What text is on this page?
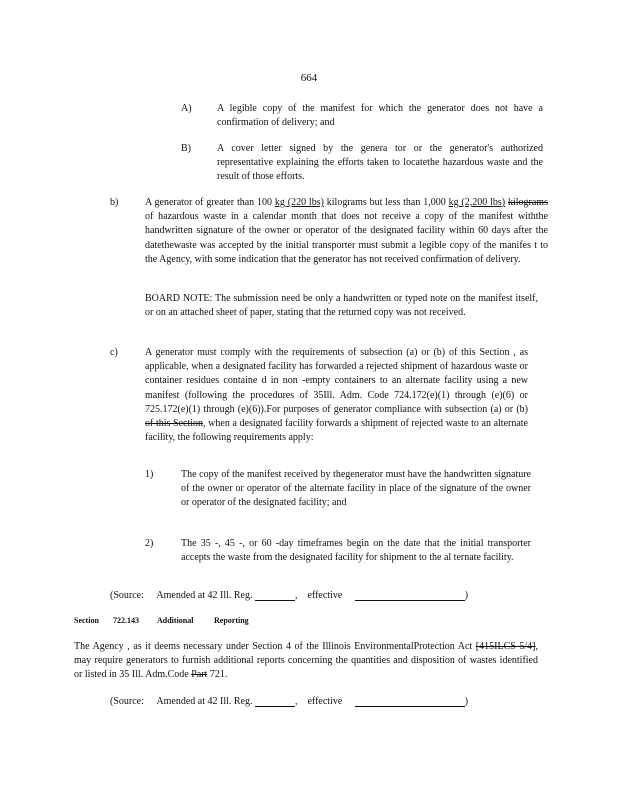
664
A)	A legible copy of the manifest for which the generator does not have a confirmation of delivery; and
B)	A cover letter signed by the genera tor or the generator's authorized representative explaining the efforts taken to locatethe hazardous waste and the result of those efforts.
b)	A generator of greater than 100 kg (220 lbs) kilograms but less than 1,000 kg (2,200 lbs) kilograms of hazardous waste in a calendar month that does not receive a copy of the manifest withthe handwritten signature of the owner or operator of the designated facility within 60 days after the datethewaste was accepted by the initial transporter must submit a legible copy of the manifes t to the Agency, with some indication that the generator has not received confirmation of delivery.
BOARD NOTE: The submission need be only a handwritten or typed note on the manifest itself, or on an attached sheet of paper, stating that the returned copy was not received.
c)	A generator must comply with the requirements of subsection (a) or (b) of this Section , as applicable, when a designated facility has forwarded a rejected shipment of hazardous waste or container residues containe d in non -empty containers to an alternate facility using a new manifest (following the procedures of 35Ill. Adm. Code 724.172(e)(1) through (e)(6) or 725.172(e)(1) through (e)(6)).For purposes of generator compliance with subsection (a) or (b) of this Section, when a designated facility forwards a shipment of rejected waste to an alternate facility, the following requirements apply:
1)	The copy of the manifest received by thegenerator must have the handwritten signature of the owner or operator of the alternate facility in place of the signature of the owner or operator of the designated facility; and
2)	The 35 -, 45 -, or 60 -day timeframes begin on the date that the initial transporter accepts the waste from the designated facility for shipment to the al ternate facility.
(Source: Amended at 42 Ill. Reg.	, effective	)
Section 722.143 Additional	Reporting
The Agency , as it deems necessary under Section 4 of the Illinois EnvironmentalProtection Act [415ILCS 5/4], may require generators to furnish additional reports concerning the quantities and disposition of wastes identified or listed in 35 Ill. Adm.Code Part 721.
(Source: Amended at 42 Ill. Reg.	, effective	)
